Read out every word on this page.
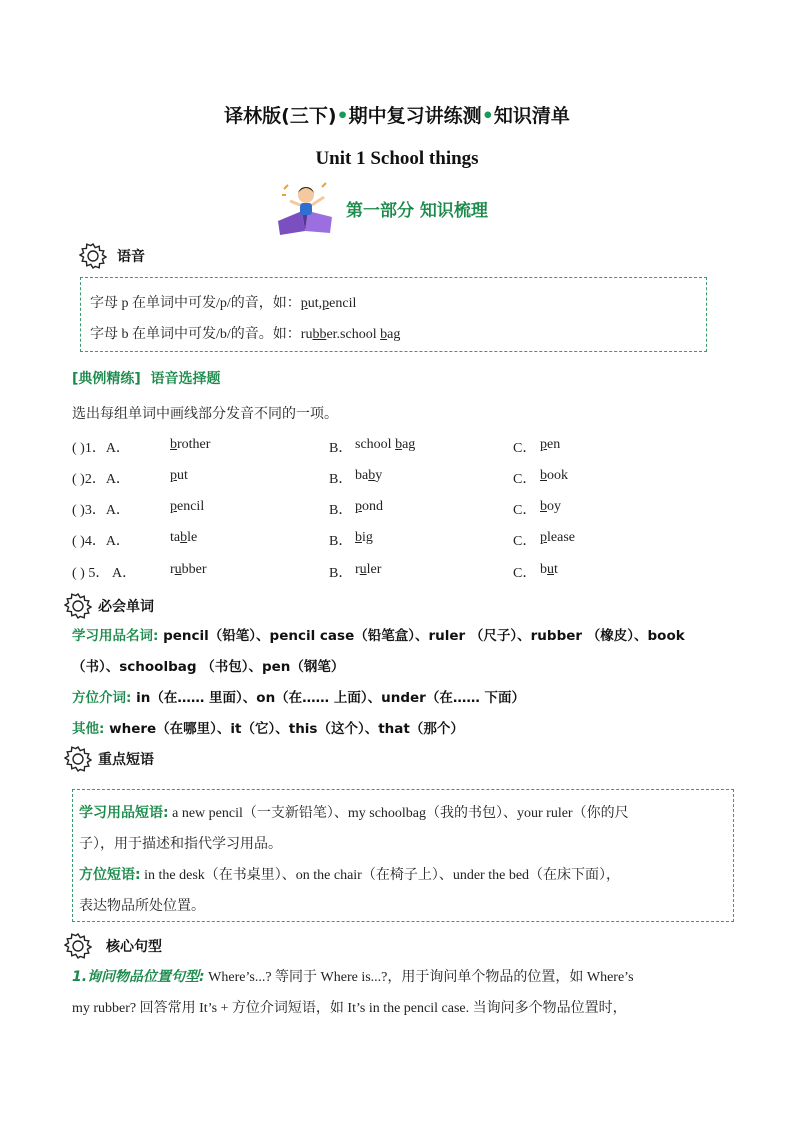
译林版(三下)•期中复习讲练测•知识清单
Unit 1 School things
第一部分 知识梳理
语音
字母 p 在单词中可发/p/的音，如：put,pencil
字母 b 在单词中可发/b/的音。如：rubber.school bag
[典例精练] 语音选择题
选出每组单词中画线部分发音不同的一项。
( )1．A．	brother	B． school bag	C． pen
( )2．A．	put	B． baby	C． book
( )3．A．	pencil	B． pond	C． boy
( )4．A．	table	B． big	C． please
( ) 5． A． rubber	B． ruler	C． but
必会单词
学习用品名词: pencil（铅笔）、pencil case（铅笔盒）、ruler （尺子）、rubber （橡皮）、book
（书）、schoolbag （书包）、pen（钢笔）
方位介词: in（在…… 里面）、on（在…… 上面）、under（在…… 下面）
其他: where（在哪里）、it（它）、this（这个）、that（那个）
重点短语
学习用品短语: a new pencil（一支新铅笔）、my schoolbag（我的书包）、your ruler（你的尺
子），用于描述和指代学习用品。
方位短语: in the desk（在书桌里）、on the chair（在椅子上）、under the bed（在床下面），
表达物品所处位置。
核心句型
1.询问物品位置句型: Where’s...? 等同于 Where is...?，用于询问单个物品的位置，如 Where’s
my rubber? 回答常用 It’s + 方位介词短语，如 It’s in the pencil case. 当询问多个物品位置时，
